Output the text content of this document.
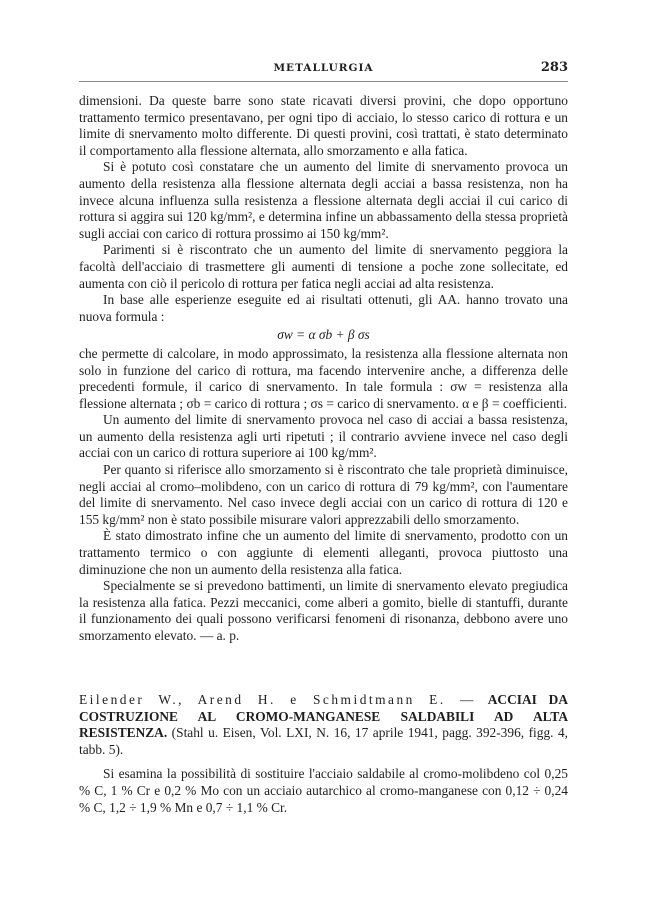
METALLURGIA	283

dimensioni. Da queste barre sono state ricavati diversi provini, che dopo opportuno trattamento termico presentavano, per ogni tipo di acciaio, lo stesso carico di rottura e un limite di snervamento molto differente. Di questi provini, così trattati, è stato determinato il comportamento alla flessione alternata, allo smorzamento e alla fatica.

Si è potuto così constatare che un aumento del limite di snervamento provoca un aumento della resistenza alla flessione alternata degli acciai a bassa resistenza, non ha invece alcuna influenza sulla resistenza a flessione alternata degli acciai il cui carico di rottura si aggira sui 120 kg/mm², e determina infine un abbassamento della stessa proprietà sugli acciai con carico di rottura prossimo ai 150 kg/mm².

Parimenti si è riscontrato che un aumento del limite di snervamento peggiora la facoltà dell'acciaio di trasmettere gli aumenti di tensione a poche zone sollecitate, ed aumenta con ciò il pericolo di rottura per fatica negli acciai ad alta resistenza.

In base alle esperienze eseguite ed ai risultati ottenuti, gli AA. hanno trovato una nuova formula :

σw = α σb + β σs

che permette di calcolare, in modo approssimato, la resistenza alla flessione alternata non solo in funzione del carico di rottura, ma facendo intervenire anche, a differenza delle precedenti formule, il carico di snervamento. In tale formula : σw = resistenza alla flessione alternata ; σb = carico di rottura ; σs = carico di snervamento. α e β = coefficienti.

Un aumento del limite di snervamento provoca nel caso di acciai a bassa resistenza, un aumento della resistenza agli urti ripetuti ; il contrario avviene invece nel caso degli acciai con un carico di rottura superiore ai 100 kg/mm².

Per quanto si riferisce allo smorzamento si è riscontrato che tale proprietà diminuisce, negli acciai al cromo–molibdeno, con un carico di rottura di 79 kg/mm², con l'aumentare del limite di snervamento. Nel caso invece degli acciai con un carico di rottura di 120 e 155 kg/mm² non è stato possibile misurare valori apprezzabili dello smorzamento.

È stato dimostrato infine che un aumento del limite di snervamento, prodotto con un trattamento termico o con aggiunte di elementi alleganti, provoca piuttosto una diminuzione che non un aumento della resistenza alla fatica.

Specialmente se si prevedono battimenti, un limite di snervamento elevato pregiudica la resistenza alla fatica. Pezzi meccanici, come alberi a gomito, bielle di stantuffi, durante il funzionamento dei quali possono verificarsi fenomeni di risonanza, debbono avere uno smorzamento elevato. — a. p.

Eilender W., Arend H. e Schmidtmann E. — ACCIAI DA COSTRUZIONE AL CROMO-MANGANESE SALDABILI AD ALTA RESISTENZA. (Stahl u. Eisen, Vol. LXI, N. 16, 17 aprile 1941, pagg. 392-396, figg. 4, tabb. 5).

Si esamina la possibilità di sostituire l'acciaio saldabile al cromo-molibdeno col 0,25 % C, 1 % Cr e 0,2 % Mo con un acciaio autarchico al cromo-manganese con 0,12 ÷ 0,24 % C, 1,2 ÷ 1,9 % Mn e 0,7 ÷ 1,1 % Cr.
